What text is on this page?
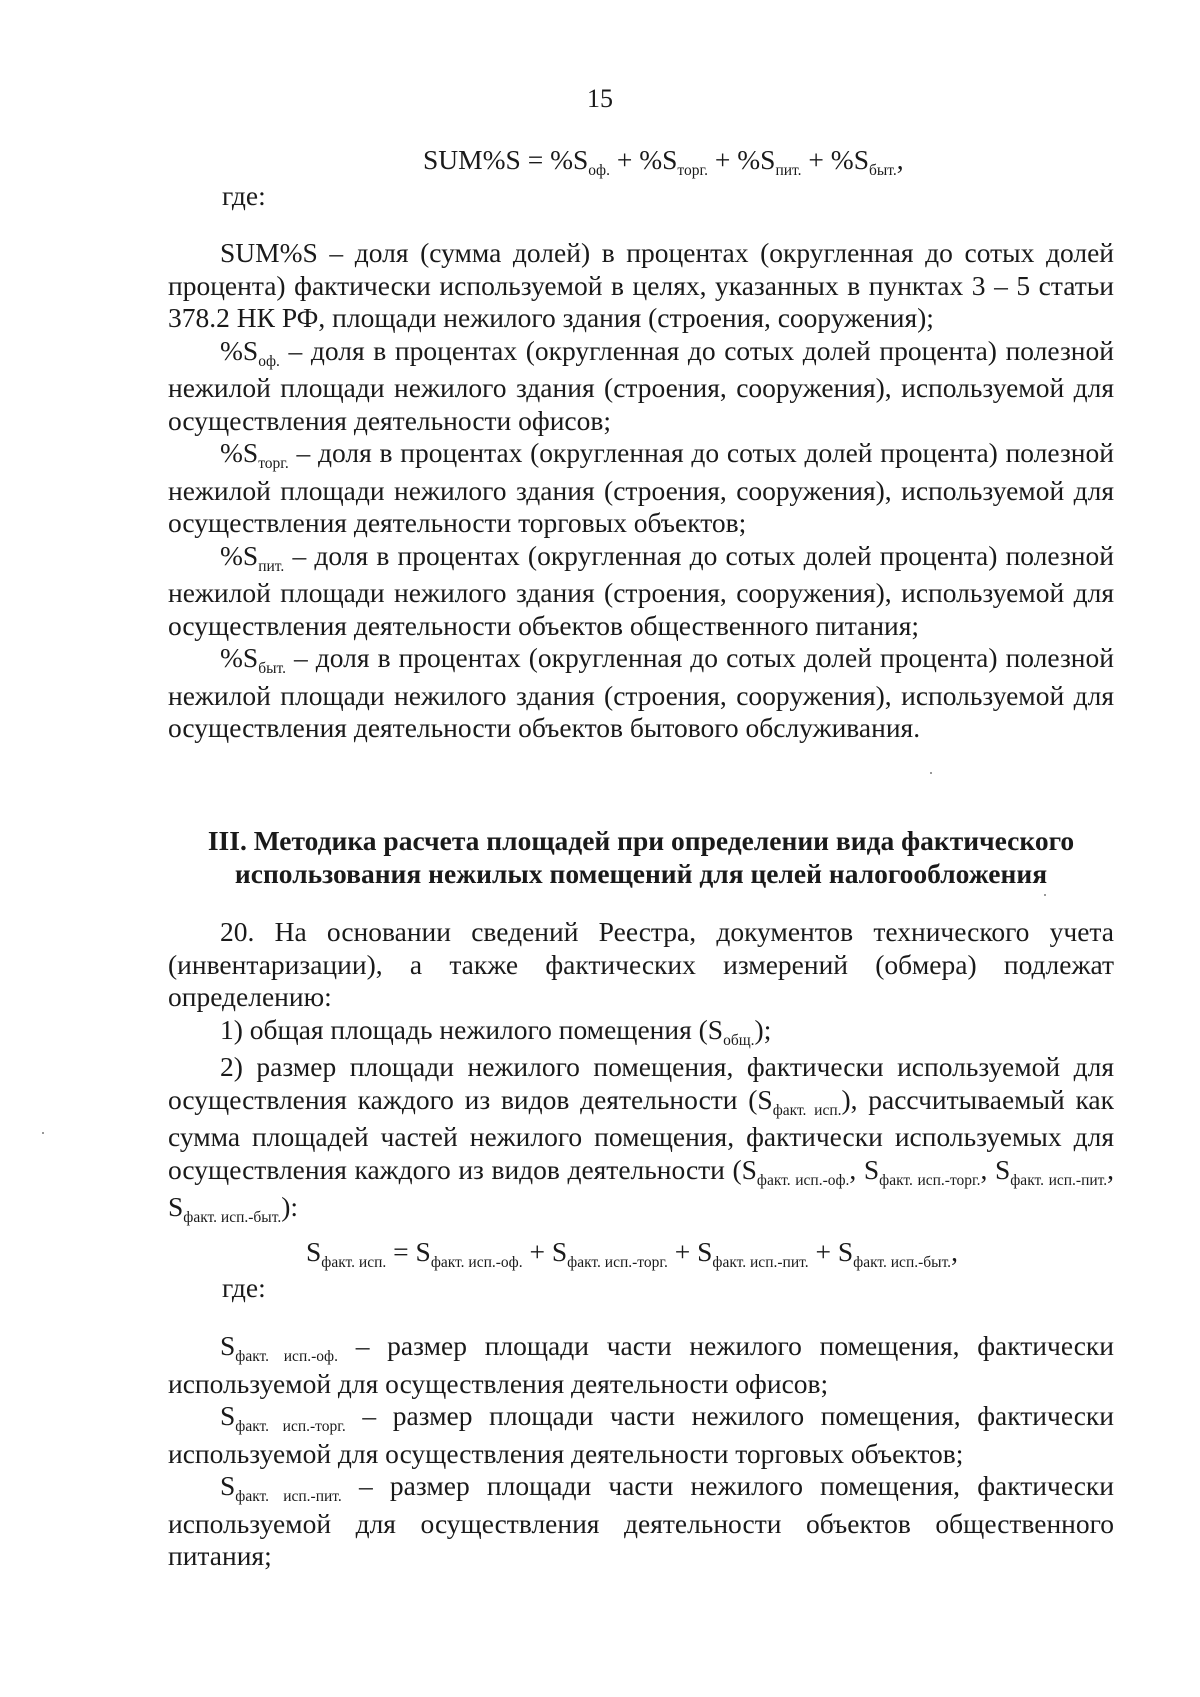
15
$SUM\%S = \%S_{оф.} + \%S_{торг.} + \%S_{пит.} + \%S_{быт.}$,
где:

SUM%S – доля (сумма долей) в процентах (округленная до сотых долей процента) фактически используемой в целях, указанных в пунктах 3 – 5 статьи 378.2 НК РФ, площади нежилого здания (строения, сооружения);

$\%S_{оф.}$ – доля в процентах (округленная до сотых долей процента) полезной нежилой площади нежилого здания (строения, сооружения), используемой для осуществления деятельности офисов;

$\%S_{торг.}$ – доля в процентах (округленная до сотых долей процента) полезной нежилой площади нежилого здания (строения, сооружения), используемой для осуществления деятельности торговых объектов;

$\%S_{пит.}$ – доля в процентах (округленная до сотых долей процента) полезной нежилой площади нежилого здания (строения, сооружения), используемой для осуществления деятельности объектов общественного питания;

$\%S_{быт.}$ – доля в процентах (округленная до сотых долей процента) полезной нежилой площади нежилого здания (строения, сооружения), используемой для осуществления деятельности объектов бытового обслуживания.

III. Методика расчета площадей при определении вида фактического
использования нежилых помещений для целей налогообложения

20. На основании сведений Реестра, документов технического учета (инвентаризации), а также фактических измерений (обмера) подлежат определению:

1) общая площадь нежилого помещения $(S_{общ.})$;

2) размер площади нежилого помещения, фактически используемой для осуществления каждого из видов деятельности $(S_{факт. исп.})$, рассчитываемый как сумма площадей частей нежилого помещения, фактически используемых для осуществления каждого из видов деятельности ($S_{факт. исп.-оф.}$, $S_{факт. исп.-торг.}$, $S_{факт. исп.-пит.}$, $S_{факт. исп.-быт.}$):

$S_{факт. исп.} = S_{факт. исп.-оф.} + S_{факт. исп.-торг.} + S_{факт. исп.-пит.} + S_{факт. исп.-быт.}$,
где:

$S_{факт. исп.-оф.}$ – размер площади части нежилого помещения, фактически используемой для осуществления деятельности офисов;

$S_{факт. исп.-торг.}$ – размер площади части нежилого помещения, фактически используемой для осуществления деятельности торговых объектов;

$S_{факт. исп.-пит.}$ – размер площади части нежилого помещения, фактически используемой для осуществления деятельности объектов общественного питания;
